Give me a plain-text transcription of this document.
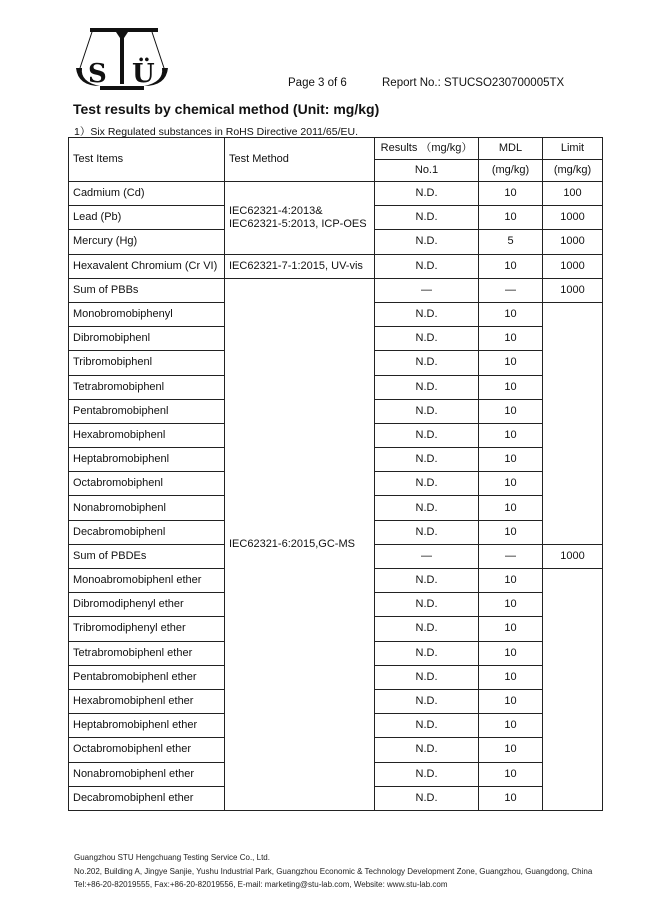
S Ü	Page 3 of 6	Report No.: STUCSO230700005TX
Test results by chemical method (Unit: mg/kg)
1）Six Regulated substances in RoHS Directive 2011/65/EU.
Test Items	Test Method	Results （mg/kg）	MDL	Limit
		No.1	(mg/kg)	(mg/kg)
Cadmium (Cd)	IEC62321-4:2013& IEC62321-5:2013, ICP-OES	N.D.	10	100
Lead (Pb)		N.D.	10	1000
Mercury (Hg)		N.D.	5	1000
Hexavalent Chromium (Cr VI)	IEC62321-7-1:2015, UV-vis	N.D.	10	1000
Sum of PBBs	IEC62321-6:2015,GC-MS	—	—	1000
Monobromobiphenyl		N.D.	10	
Dibromobiphenl		N.D.	10	
Tribromobiphenl		N.D.	10	
Tetrabromobiphenl		N.D.	10	
Pentabromobiphenl		N.D.	10	
Hexabromobiphenl		N.D.	10	
Heptabromobiphenl		N.D.	10	
Octabromobiphenl		N.D.	10	
Nonabromobiphenl		N.D.	10	
Decabromobiphenl		N.D.	10	
Sum of PBDEs		—	—	1000
Monoabromobiphenl ether		N.D.	10	
Dibromodiphenyl ether		N.D.	10	
Tribromodiphenyl ether		N.D.	10	
Tetrabromobiphenl ether		N.D.	10	
Pentabromobiphenl ether		N.D.	10	
Hexabromobiphenl ether		N.D.	10	
Heptabromobiphenl ether		N.D.	10	
Octabromobiphenl ether		N.D.	10	
Nonabromobiphenl ether		N.D.	10	
Decabromobiphenl ether		N.D.	10	
Guangzhou STU Hengchuang Testing Service Co., Ltd.
No.202, Building A, Jingye Sanjie, Yushu Industrial Park, Guangzhou Economic & Technology Development Zone, Guangzhou, Guangdong, China
Tel:+86-20-82019555, Fax:+86-20-82019556, E-mail: marketing@stu-lab.com, Website: www.stu-lab.com
